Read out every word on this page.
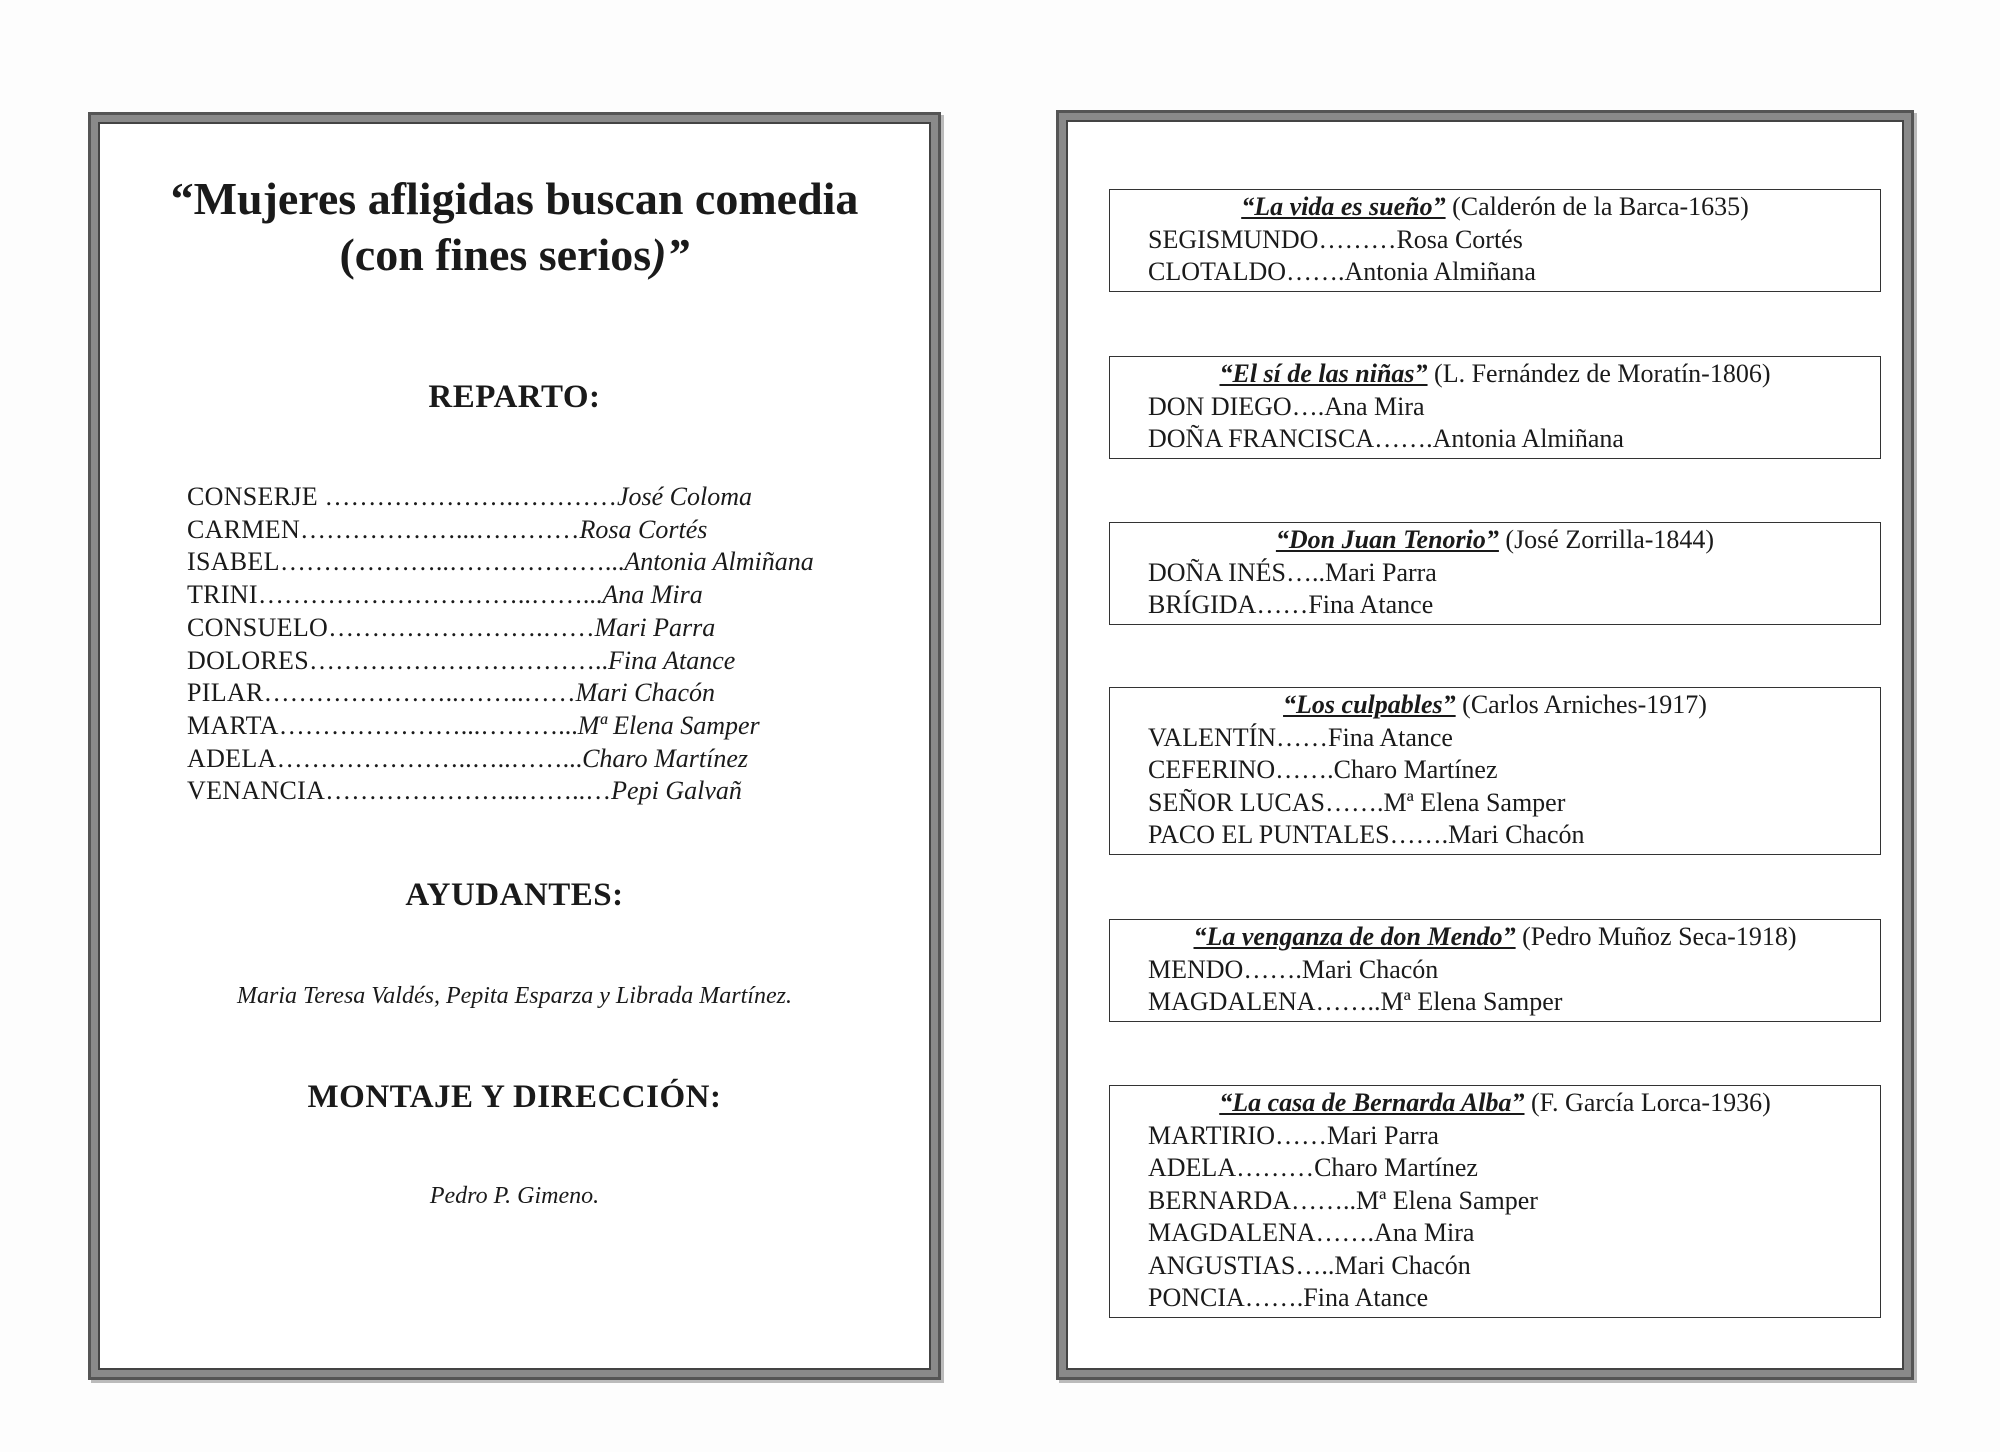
“Mujeres afligidas buscan comedia
(con fines serios)”
REPARTO:
CONSERJE ………………….…………José Coloma
CARMEN………………...…………Rosa Cortés
ISABEL………………..………………...Antonia Almiñana
TRINI…………………………..……...Ana Mira
CONSUELO…………………….……Mari Parra
DOLORES……………………………..Fina Atance
PILAR…………………..……..……Mari Chacón
MARTA…………………...………...Mª Elena Samper
ADELA…………………..…..……...Charo Martínez
VENANCIA…………………..……..…Pepi Galvañ
AYUDANTES:
Maria Teresa Valdés, Pepita Esparza y Librada Martínez.
MONTAJE Y DIRECCIÓN:
Pedro P. Gimeno.
“La vida es sueño” (Calderón de la Barca-1635)
SEGISMUNDO………Rosa Cortés
CLOTALDO…….Antonia Almiñana
“El sí de las niñas” (L. Fernández de Moratín-1806)
DON DIEGO….Ana Mira
DOÑA FRANCISCA…….Antonia Almiñana
“Don Juan Tenorio” (José Zorrilla-1844)
DOÑA INÉS…..Mari Parra
BRÍGIDA……Fina Atance
“Los culpables” (Carlos Arniches-1917)
VALENTÍN……Fina Atance
CEFERINO…….Charo Martínez
SEÑOR LUCAS…….Mª Elena Samper
PACO EL PUNTALES…….Mari Chacón
“La venganza de don Mendo” (Pedro Muñoz Seca-1918)
MENDO…….Mari Chacón
MAGDALENA……..Mª Elena Samper
“La casa de Bernarda Alba” (F. García Lorca-1936)
MARTIRIO……Mari Parra
ADELA………Charo Martínez
BERNARDA……..Mª Elena Samper
MAGDALENA…….Ana Mira
ANGUSTIAS…..Mari Chacón
PONCIA…….Fina Atance
